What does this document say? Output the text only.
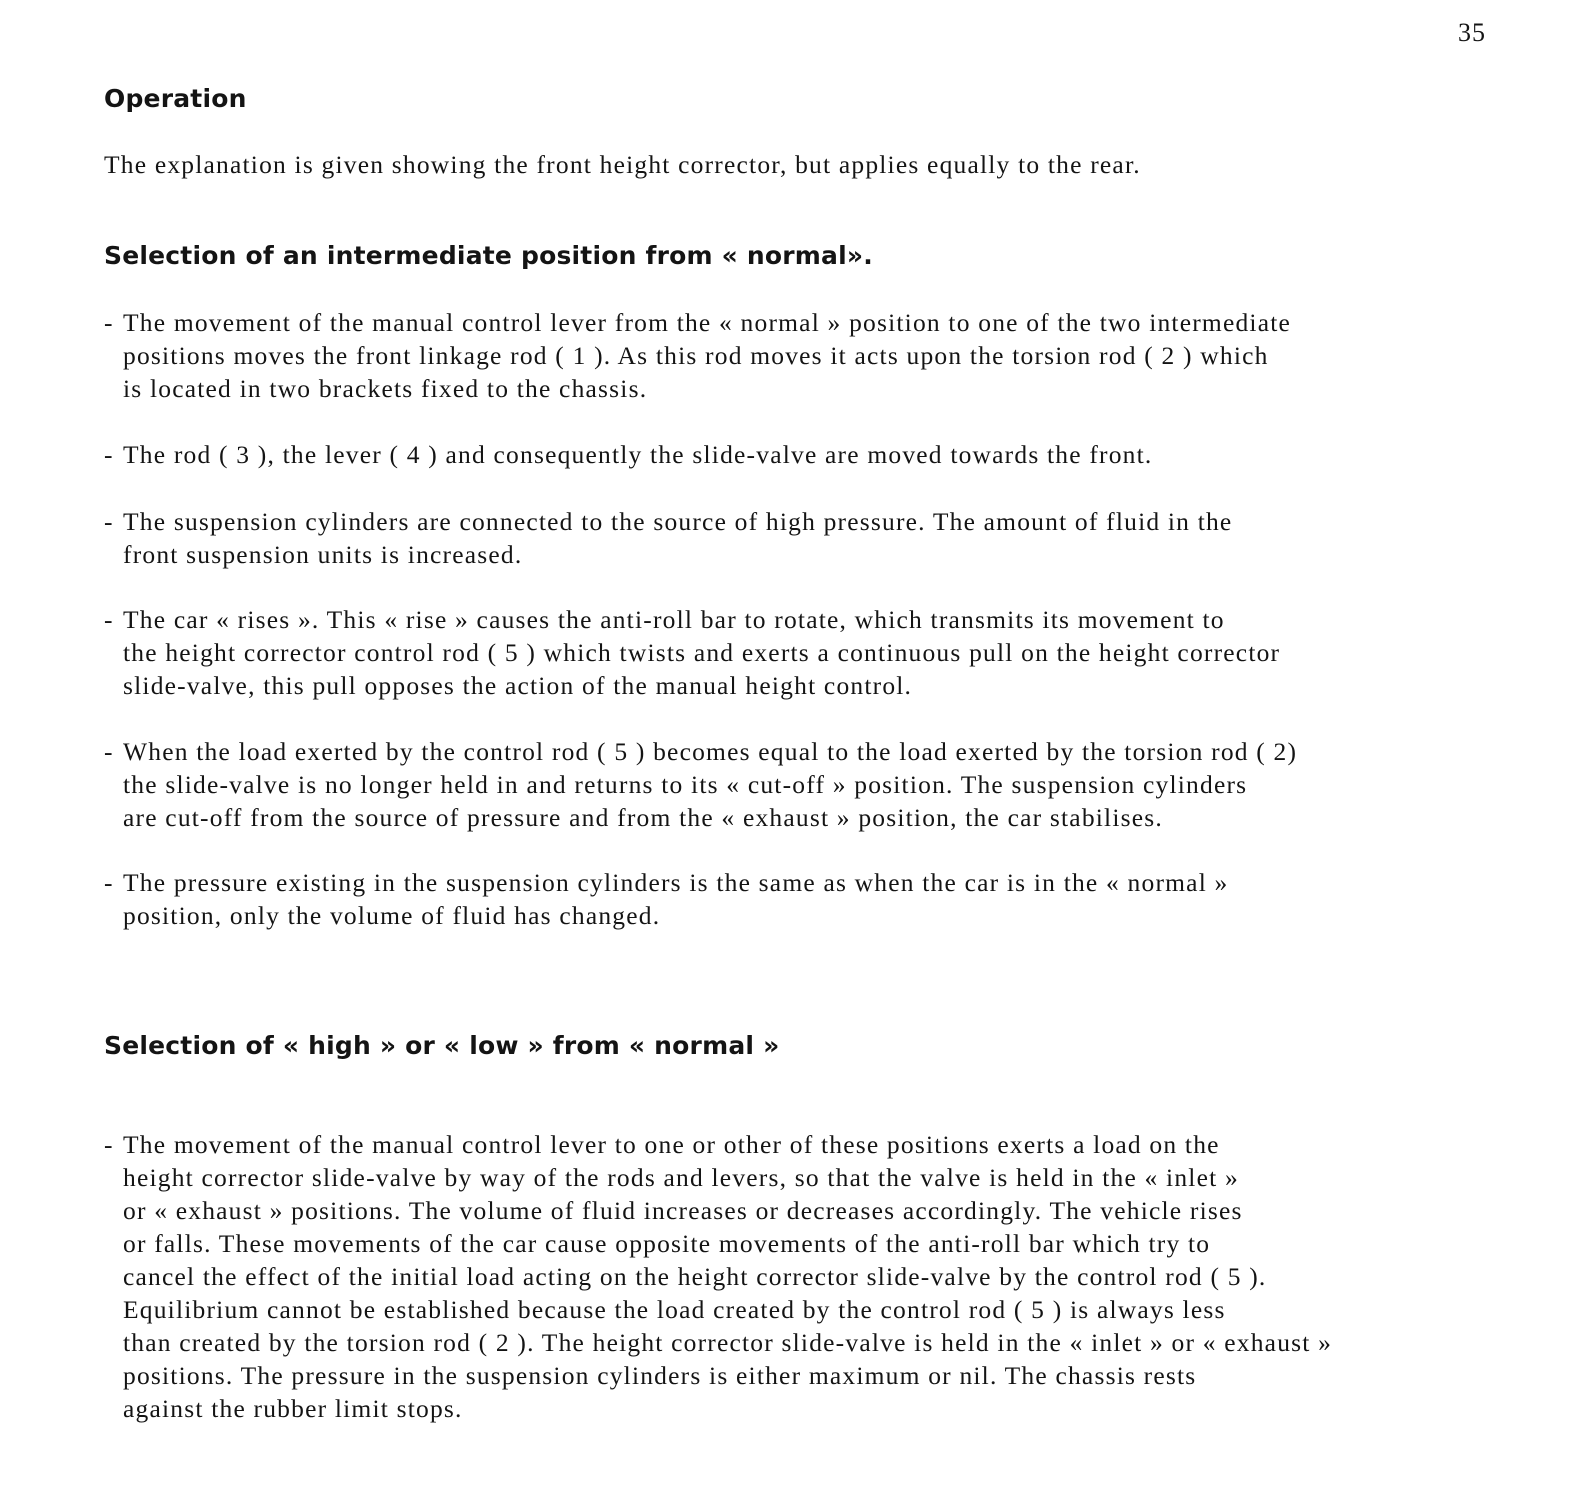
35
Operation

The explanation is given showing the front height corrector, but applies equally to the rear.

Selection of an intermediate position from « normal».
- The movement of the manual control lever from the « normal » position to one of the two intermediate
positions moves the front linkage rod ( 1 ). As this rod moves it acts upon the torsion rod ( 2 ) which
is located in two brackets fixed to the chassis.
- The rod ( 3 ), the lever ( 4 ) and consequently the slide-valve are moved towards the front.
- The suspension cylinders are connected to the source of high pressure. The amount of fluid in the
front suspension units is increased.
- The car « rises ». This « rise » causes the anti-roll bar to rotate, which transmits its movement to
the height corrector control rod ( 5 ) which twists and exerts a continuous pull on the height corrector
slide-valve, this pull opposes the action of the manual height control.
- When the load exerted by the control rod ( 5 ) becomes equal to the load exerted by the torsion rod ( 2)
the slide-valve is no longer held in and returns to its « cut-off » position. The suspension cylinders
are cut-off from the source of pressure and from the « exhaust » position, the car stabilises.
- The pressure existing in the suspension cylinders is the same as when the car is in the « normal »
position, only the volume of fluid has changed.
Selection of « high » or « low » from « normal »
- The movement of the manual control lever to one or other of these positions exerts a load on the
height corrector slide-valve by way of the rods and levers, so that the valve is held in the « inlet »
or « exhaust » positions. The volume of fluid increases or decreases accordingly. The vehicle rises
or falls. These movements of the car cause opposite movements of the anti-roll bar which try to
cancel the effect of the initial load acting on the height corrector slide-valve by the control rod ( 5 ).
Equilibrium cannot be established because the load created by the control rod ( 5 ) is always less
than created by the torsion rod ( 2 ). The height corrector slide-valve is held in the « inlet » or « exhaust »
positions. The pressure in the suspension cylinders is either maximum or nil. The chassis rests
against the rubber limit stops.
